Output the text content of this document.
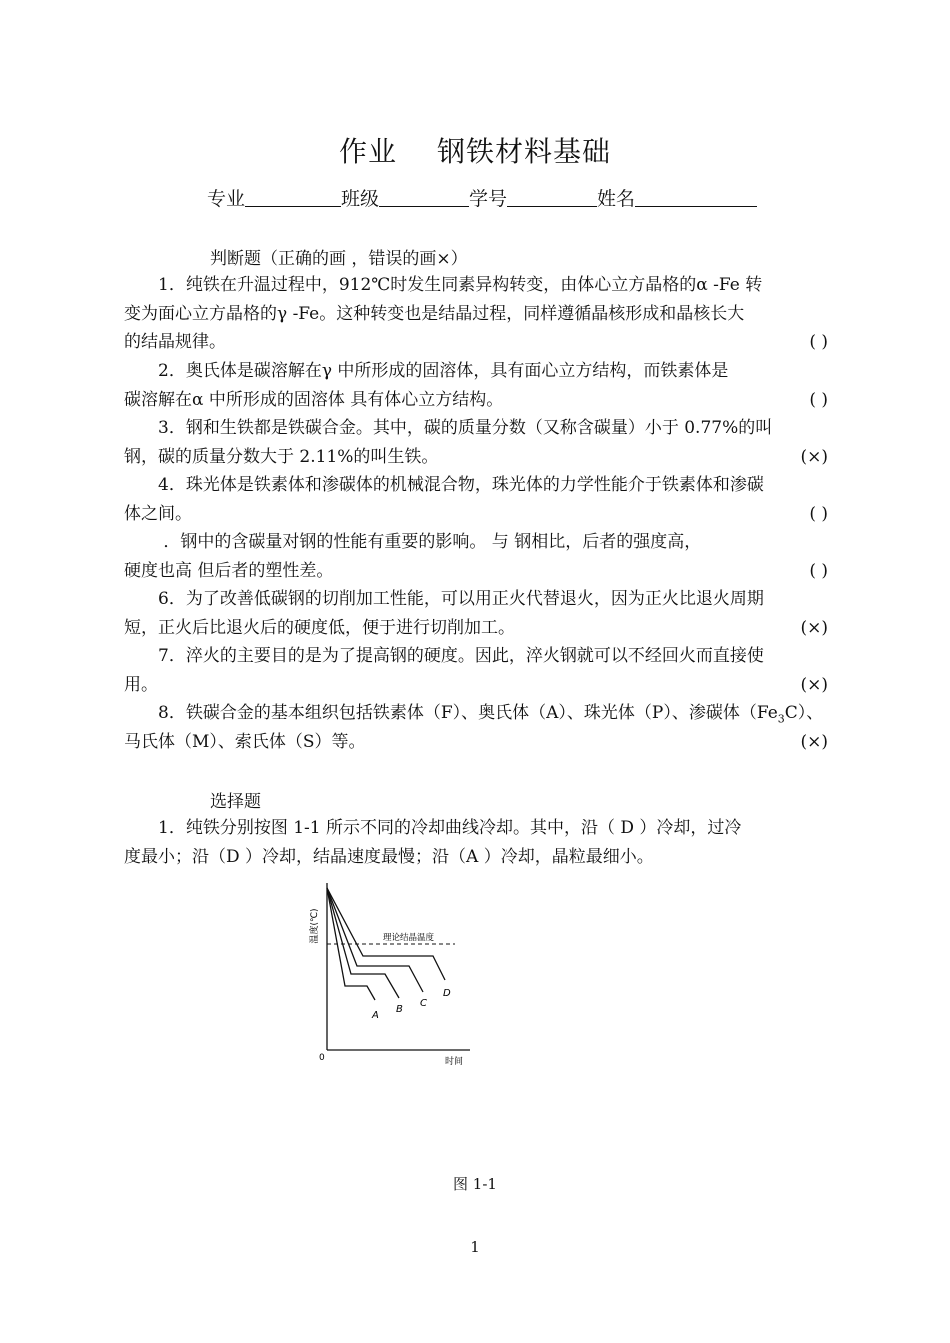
作业 钢铁材料基础
专业	班级	学号	姓名
判断题（正确的画 ，错误的画×）
1．纯铁在升温过程中，912℃时发生同素异构转变，由体心立方晶格的α -Fe 转
变为面心立方晶格的γ -Fe。这种转变也是结晶过程，同样遵循晶核形成和晶核长大
的结晶规律。	( )
2．奥氏体是碳溶解在γ 中所形成的固溶体，具有面心立方结构，而铁素体是
碳溶解在α 中所形成的固溶体 具有体心立方结构。	( )
3．钢和生铁都是铁碳合金。其中，碳的质量分数（又称含碳量）小于 0.77%的叫
钢，碳的质量分数大于 2.11%的叫生铁。	(×)
4．珠光体是铁素体和渗碳体的机械混合物，珠光体的力学性能介于铁素体和渗碳
体之间。	( )
．钢中的含碳量对钢的性能有重要的影响。 与 钢相比，后者的强度高，
硬度也高 但后者的塑性差。	( )
6．为了改善低碳钢的切削加工性能，可以用正火代替退火，因为正火比退火周期
短，正火后比退火后的硬度低，便于进行切削加工。	(×)
7．淬火的主要目的是为了提高钢的硬度。因此，淬火钢就可以不经回火而直接使
用。	(×)
8．铁碳合金的基本组织包括铁素体（F）、奥氏体（A）、珠光体（P）、渗碳体$(Fe_3C)$、
马氏体（M）、索氏体（S）等。	(×)
选择题
1．纯铁分别按图 1-1 所示不同的冷却曲线冷却。其中，沿（ D ）冷却，过冷
度最小；沿（D ）冷却，结晶速度最慢；沿（A ）冷却，晶粒最细小。
温度(℃)
0	时间
理论结晶温度
A
B
C
D
图 1-1
1
